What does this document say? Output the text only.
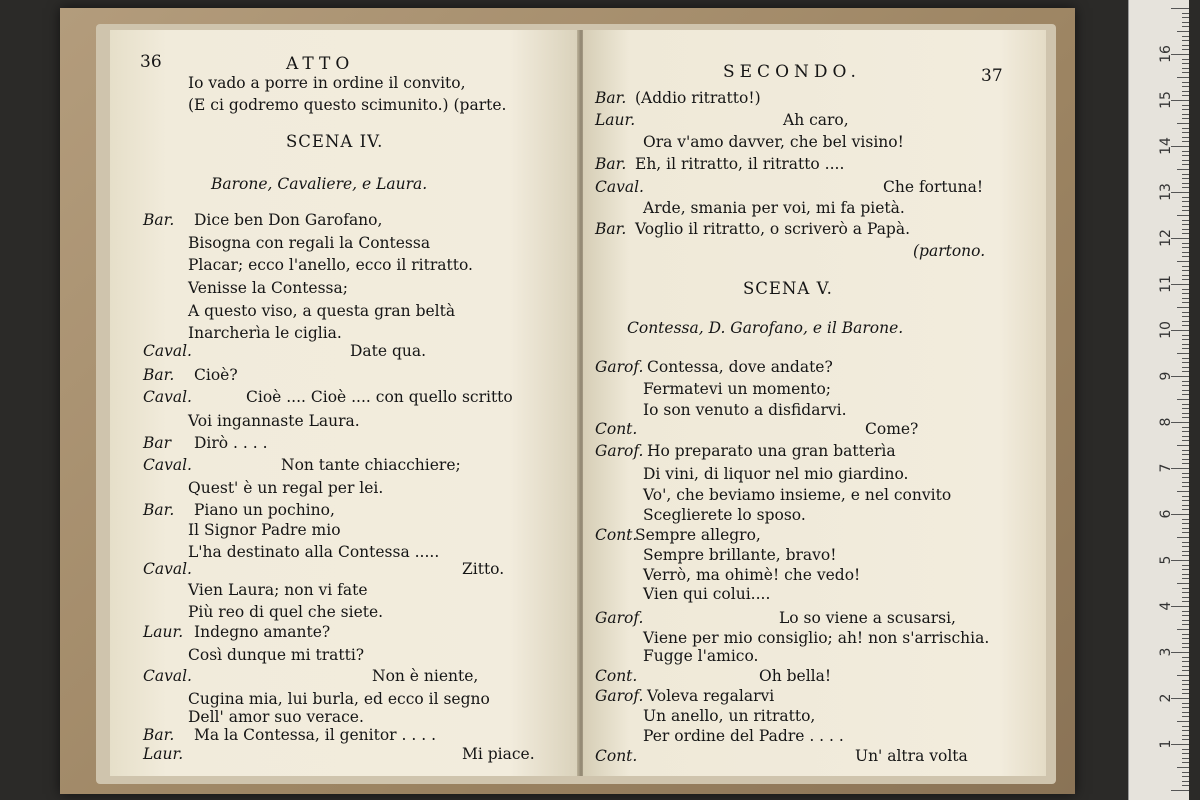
36	ATTO
Io vado a porre in ordine il convito,
(E ci godremo questo scimunito.) (parte.
SCENA IV.
Barone, Cavaliere, e Laura.
Bar. Dice ben Don Garofano,
Bisogna con regali la Contessa
Placar; ecco l'anello, ecco il ritratto.
Venisse la Contessa;
A questo viso, a questa gran beltà
Inarcherìa le ciglia.
Caval.	Date qua.
Bar. Cioè?
Caval.	Cioè .... Cioè .... con quello scritto
Voi ingannaste Laura.
Bar Dirò . . . .
Caval.	Non tante chiacchiere;
Quest' è un regal per lei.
Bar. Piano un pochino,
Il Signor Padre mio
L'ha destinato alla Contessa .....
Caval.	Zitto.
Vien Laura; non vi fate
Più reo di quel che siete.
Laur. Indegno amante?
Così dunque mi tratti?
Caval.	Non è niente,
Cugina mia, lui burla, ed ecco il segno
Dell' amor suo verace.
Bar. Ma la Contessa, il genitor . . . .
Laur.	Mi piace.
SECONDO.	37
Bar. (Addio ritratto!)
Laur.	Ah caro,
Ora v'amo davver, che bel visino!
Bar. Eh, il ritratto, il ritratto ....
Caval.	Che fortuna!
Arde, smania per voi, mi fa pietà.
Bar. Voglio il ritratto, o scriverò a Papà.
(partono.
SCENA V.
Contessa, D. Garofano, e il Barone.
Garof. Contessa, dove andate?
Fermatevi un momento;
Io son venuto a disfidarvi.
Cont.	Come?
Garof. Ho preparato una gran batterìa
Di vini, di liquor nel mio giardino.
Vo', che beviamo insieme, e nel convito
Sceglierete lo sposo.
Cont.
Sempre allegro,
Sempre brillante, bravo!
Verrò, ma ohimè! che vedo!
Vien qui colui....
Garof.	Lo so viene a scusarsi,
Viene per mio consiglio; ah! non s'arrischia.
Fugge l'amico.
Cont.	Oh bella!
Garof. Voleva regalarvi
Un anello, un ritratto,
Per ordine del Padre . . . .
Cont.	Un' altra volta
16
15
14
13
12
11
10
9
8
7
6
5
4
3
2
1
